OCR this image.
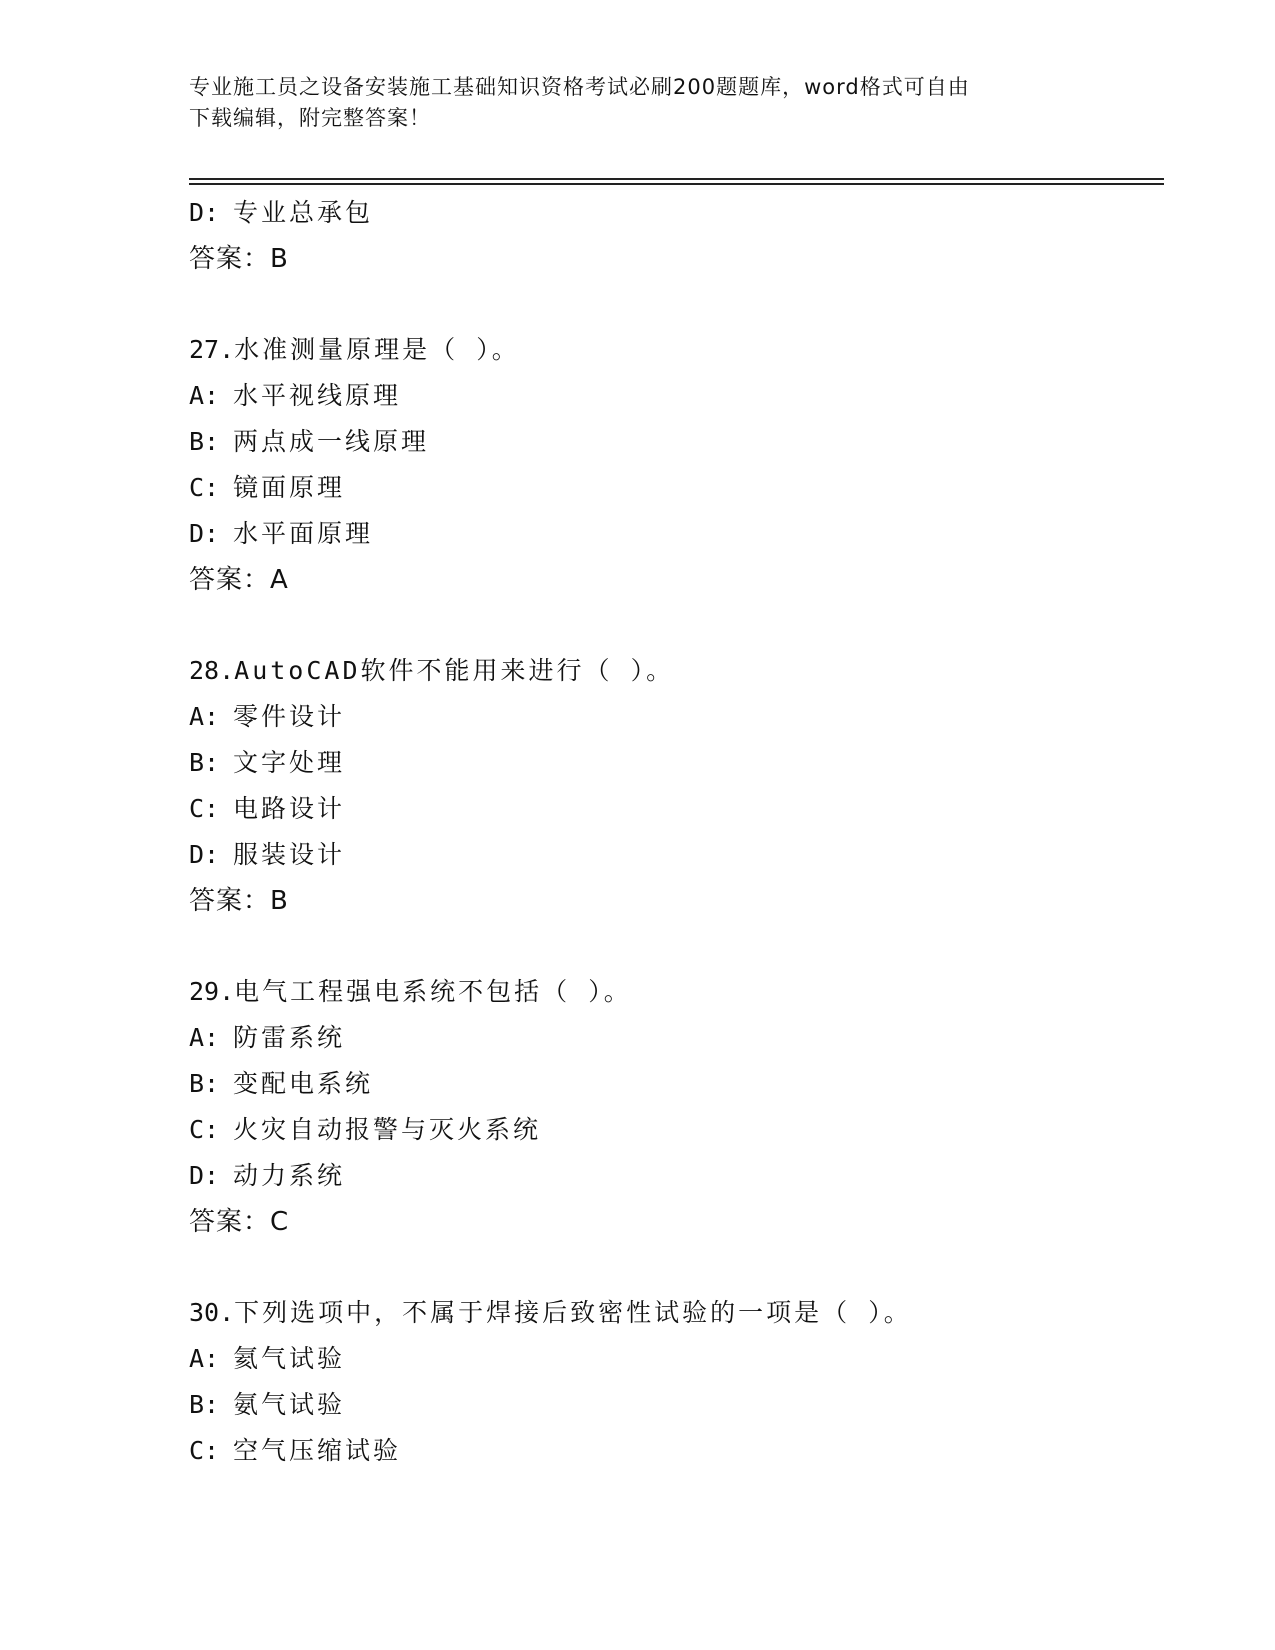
专业施工员之设备安装施工基础知识资格考试必刷200题题库，word格式可自由
下载编辑，附完整答案！
D: 专业总承包
答案：B
27.水准测量原理是（ ）。
A: 水平视线原理
B: 两点成一线原理
C: 镜面原理
D: 水平面原理
答案：A
28.AutoCAD软件不能用来进行（ ）。
A: 零件设计
B: 文字处理
C: 电路设计
D: 服装设计
答案：B
29.电气工程强电系统不包括（ ）。
A: 防雷系统
B: 变配电系统
C: 火灾自动报警与灭火系统
D: 动力系统
答案：C
30.下列选项中，不属于焊接后致密性试验的一项是（ ）。
A: 氦气试验
B: 氨气试验
C: 空气压缩试验
